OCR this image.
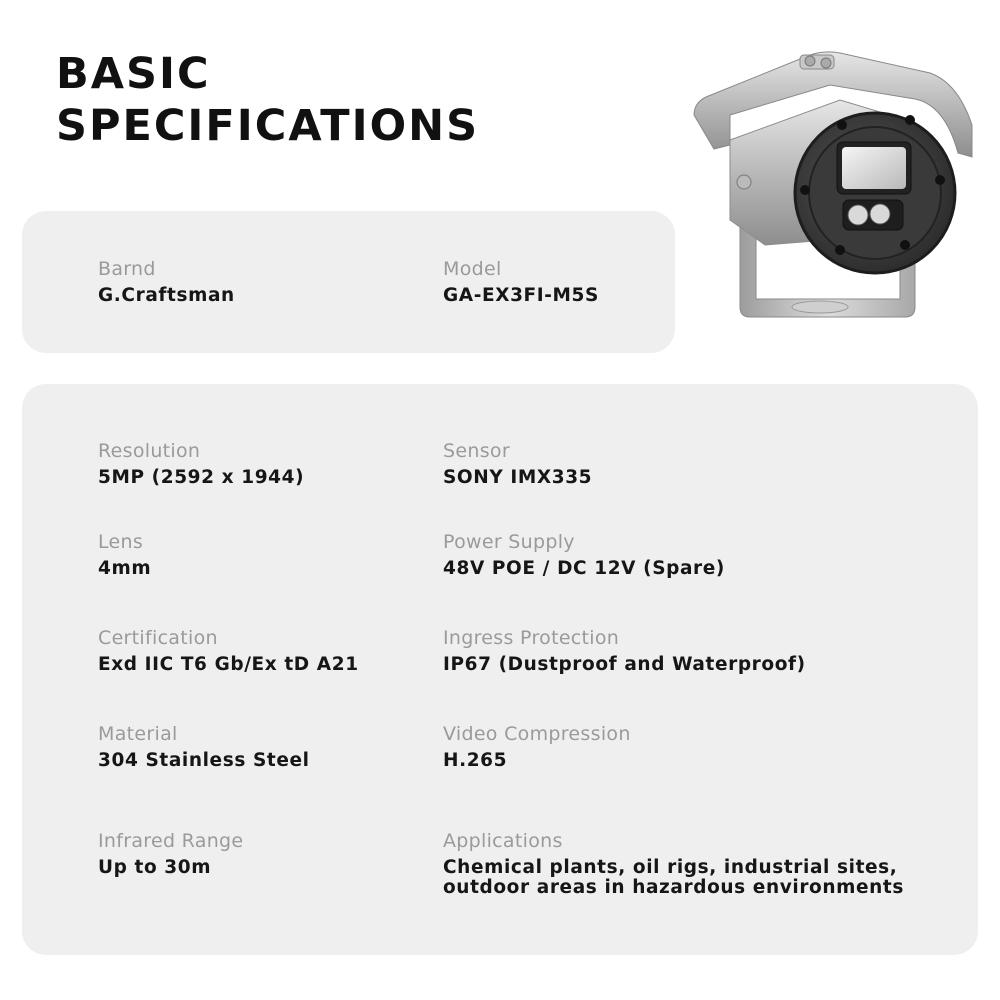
BASIC
SPECIFICATIONS
Barnd
G.Craftsman
Model
GA-EX3FI-M5S
Resolution
5MP (2592 x 1944)
Sensor
SONY IMX335
Lens
4mm
Power Supply
48V POE / DC 12V (Spare)
Certification
Exd IIC T6 Gb/Ex tD A21
Ingress Protection
IP67 (Dustproof and Waterproof)
Material
304 Stainless Steel
Video Compression
H.265
Infrared Range
Up to 30m
Applications
Chemical plants, oil rigs, industrial sites,
outdoor areas in hazardous environments
